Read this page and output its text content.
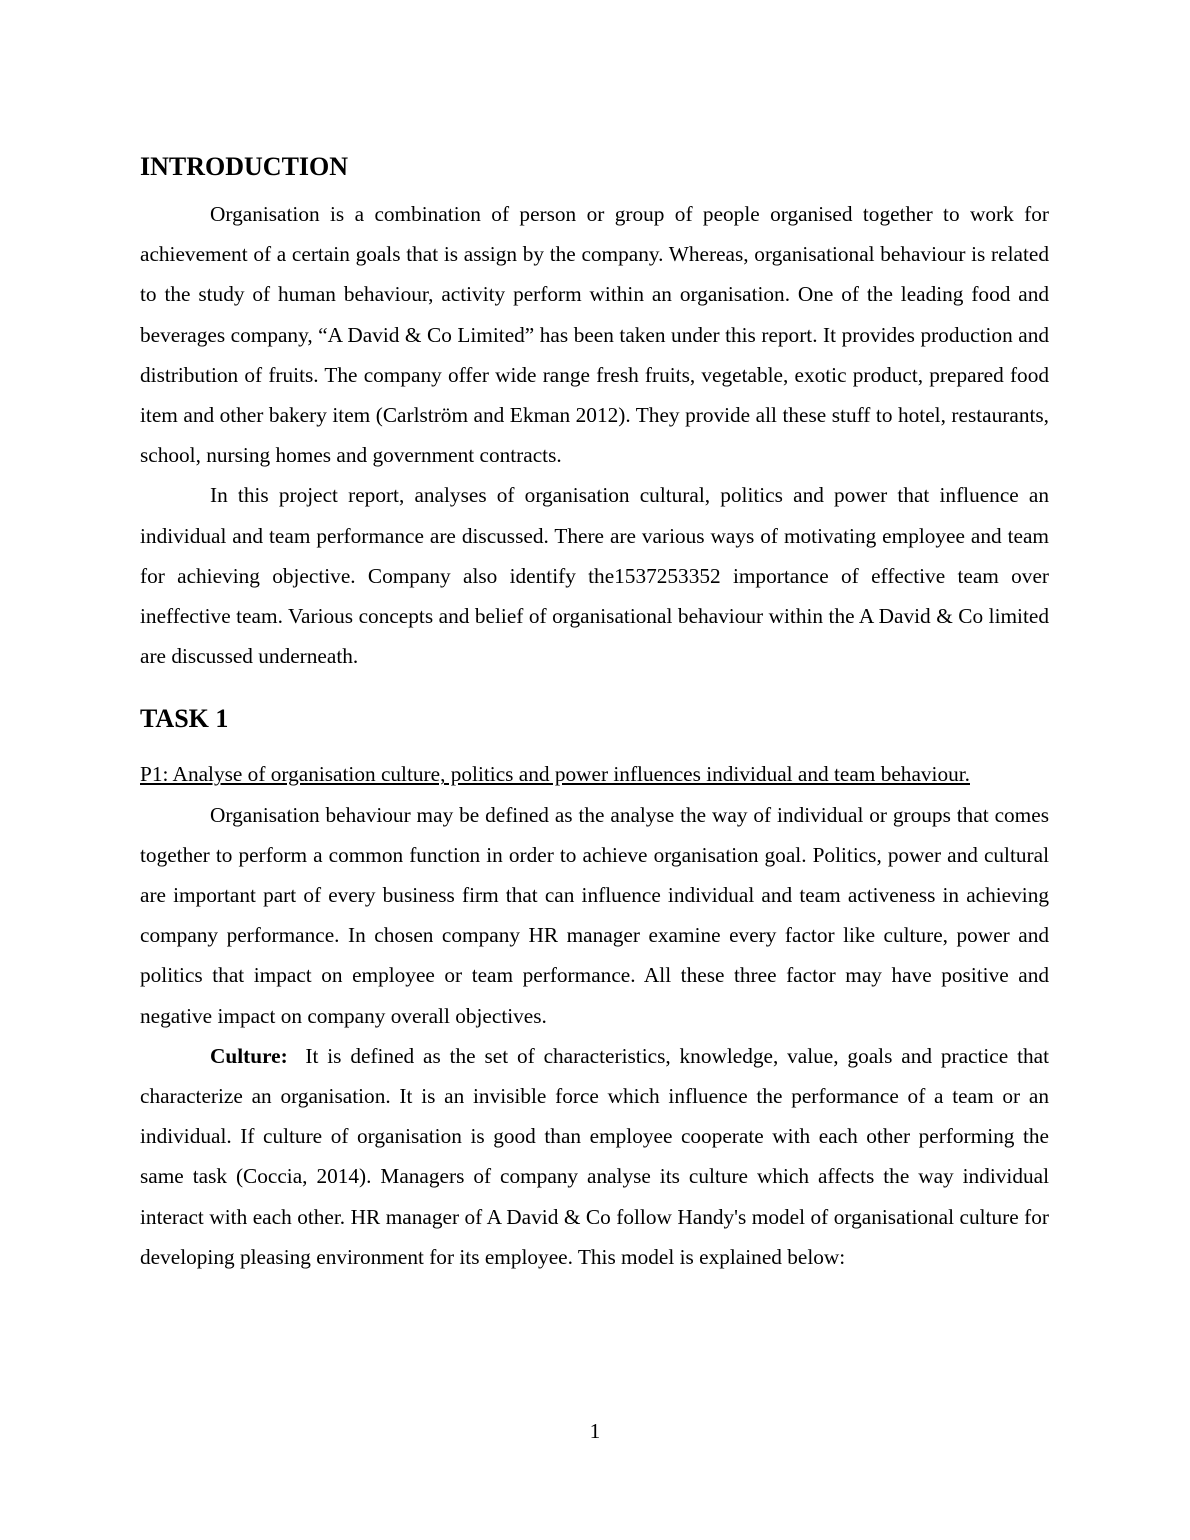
INTRODUCTION

Organisation is a combination of person or group of people organised together to work for achievement of a certain goals that is assign by the company. Whereas, organisational behaviour is related to the study of human behaviour, activity perform within an organisation. One of the leading food and beverages company, “A David & Co Limited” has been taken under this report. It provides production and distribution of fruits. The company offer wide range fresh fruits, vegetable, exotic product, prepared food item and other bakery item (Carlström and Ekman 2012). They provide all these stuff to hotel, restaurants, school, nursing homes and government contracts.

In this project report, analyses of organisation cultural, politics and power that influence an individual and team performance are discussed. There are various ways of motivating employee and team for achieving objective. Company also identify the1537253352 importance of effective team over ineffective team. Various concepts and belief of organisational behaviour within the A David & Co limited are discussed underneath.

TASK 1

P1: Analyse of organisation culture, politics and power influences individual and team behaviour.

Organisation behaviour may be defined as the analyse the way of individual or groups that comes together to perform a common function in order to achieve organisation goal. Politics, power and cultural are important part of every business firm that can influence individual and team activeness in achieving company performance. In chosen company HR manager examine every factor like culture, power and politics that impact on employee or team performance. All these three factor may have positive and negative impact on company overall objectives.

Culture: It is defined as the set of characteristics, knowledge, value, goals and practice that characterize an organisation. It is an invisible force which influence the performance of a team or an individual. If culture of organisation is good than employee cooperate with each other performing the same task (Coccia, 2014). Managers of company analyse its culture which affects the way individual interact with each other. HR manager of A David & Co follow Handy's model of organisational culture for developing pleasing environment for its employee. This model is explained below:

1
